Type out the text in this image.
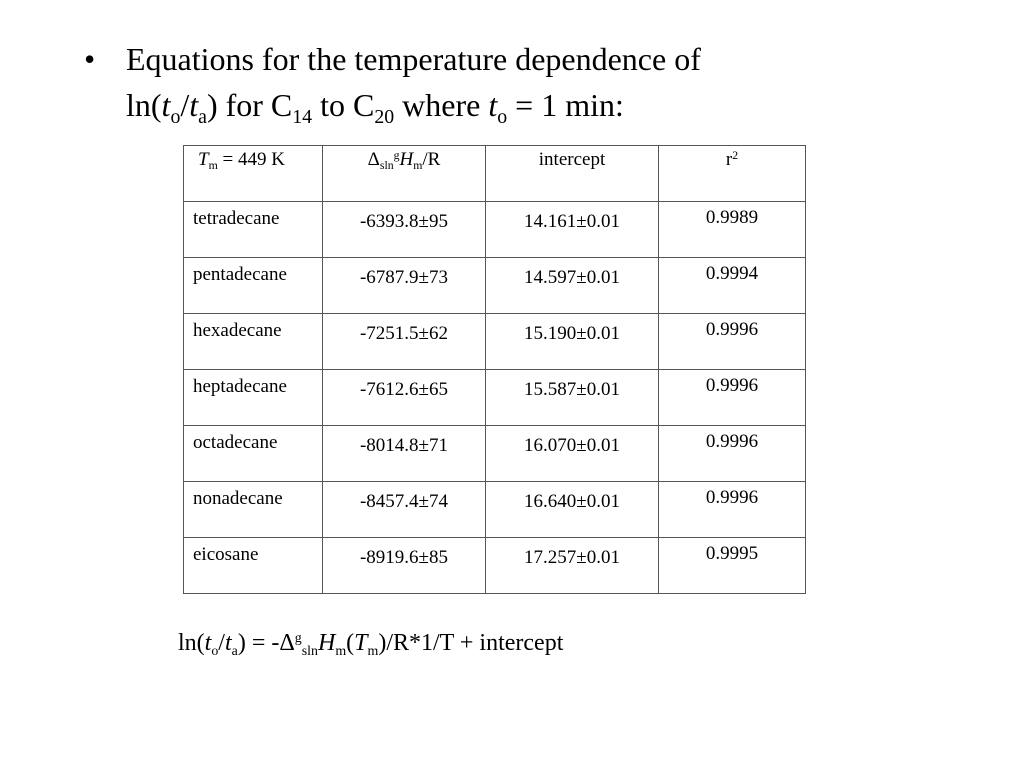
• Equations for the temperature dependence of
$\ln(t_o/t_a)$ for $C_{14}$ to $C_{20}$ where $t_o = 1$ min:
$T_m = 449$ K	$\Delta_{sln}^gH_m/R$	intercept	$r^2$
tetradecane	-6393.8±95	14.161±0.01	0.9989
pentadecane	-6787.9±73	14.597±0.01	0.9994
hexadecane	-7251.5±62	15.190±0.01	0.9996
heptadecane	-7612.6±65	15.587±0.01	0.9996
octadecane	-8014.8±71	16.070±0.01	0.9996
nonadecane	-8457.4±74	16.640±0.01	0.9996
eicosane	-8919.6±85	17.257±0.01	0.9995
$\ln(t_o/t_a) = -\Delta^g_{sln}H_m(T_m)/R*1/T$ + intercept
